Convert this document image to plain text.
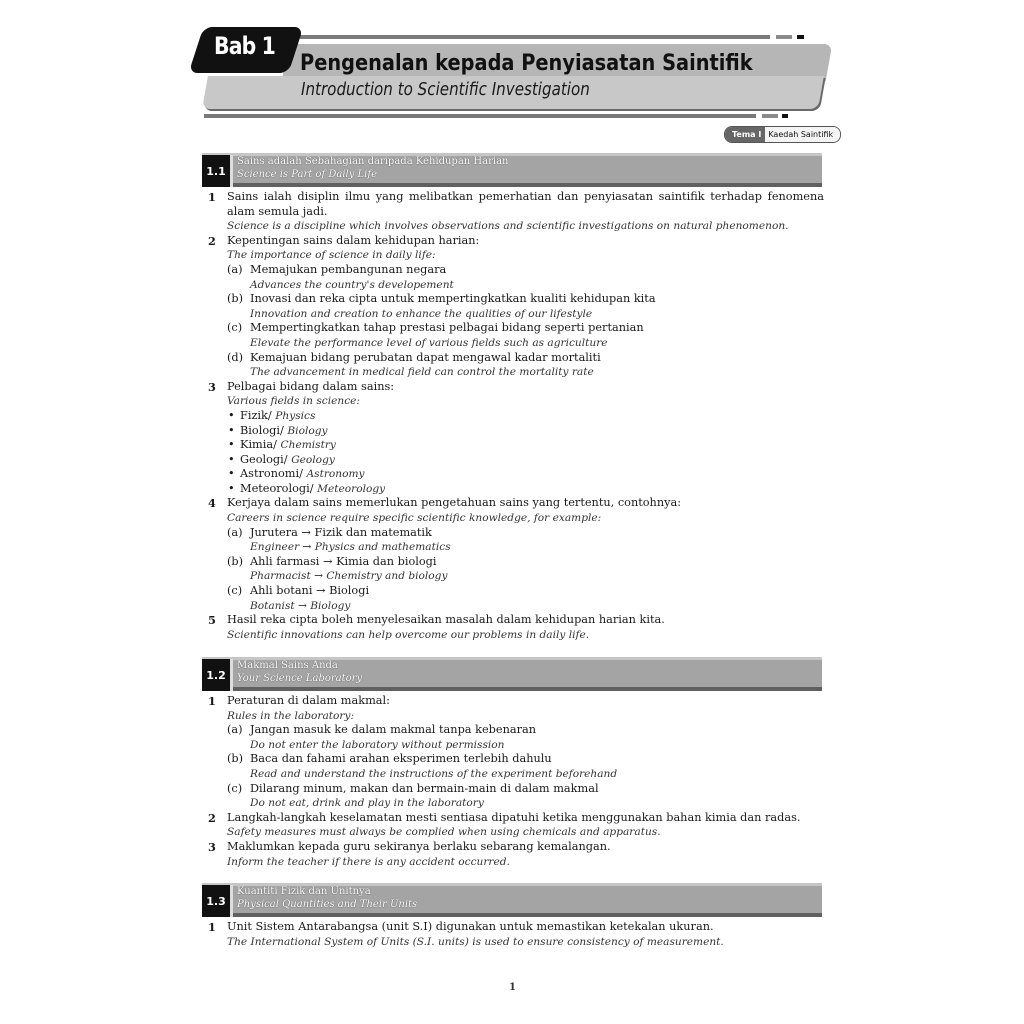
Bab 1
Pengenalan kepada Penyiasatan Saintifik
Introduction to Scientific Investigation
Tema I Kaedah Saintifik
1.1
Sains adalah Sebahagian daripada Kehidupan Harian
Science is Part of Daily Life
1 Sains ialah disiplin ilmu yang melibatkan pemerhatian dan penyiasatan saintifik terhadap fenomena alam semula jadi.
Science is a discipline which involves observations and scientific investigations on natural phenomenon.
2 Kepentingan sains dalam kehidupan harian:
The importance of science in daily life:
(a) Memajukan pembangunan negara
Advances the country's developement
(b) Inovasi dan reka cipta untuk mempertingkatkan kualiti kehidupan kita
Innovation and creation to enhance the qualities of our lifestyle
(c) Mempertingkatkan tahap prestasi pelbagai bidang seperti pertanian
Elevate the performance level of various fields such as agriculture
(d) Kemajuan bidang perubatan dapat mengawal kadar mortaliti
The advancement in medical field can control the mortality rate
3 Pelbagai bidang dalam sains:
Various fields in science:
• Fizik/ Physics
• Biologi/ Biology
• Kimia/ Chemistry
• Geologi/ Geology
• Astronomi/ Astronomy
• Meteorologi/ Meteorology
4 Kerjaya dalam sains memerlukan pengetahuan sains yang tertentu, contohnya:
Careers in science require specific scientific knowledge, for example:
(a) Jurutera → Fizik dan matematik
Engineer → Physics and mathematics
(b) Ahli farmasi → Kimia dan biologi
Pharmacist → Chemistry and biology
(c) Ahli botani → Biologi
Botanist → Biology
5 Hasil reka cipta boleh menyelesaikan masalah dalam kehidupan harian kita.
Scientific innovations can help overcome our problems in daily life.
1.2
Makmal Sains Anda
Your Science Laboratory
1 Peraturan di dalam makmal:
Rules in the laboratory:
(a) Jangan masuk ke dalam makmal tanpa kebenaran
Do not enter the laboratory without permission
(b) Baca dan fahami arahan eksperimen terlebih dahulu
Read and understand the instructions of the experiment beforehand
(c) Dilarang minum, makan dan bermain-main di dalam makmal
Do not eat, drink and play in the laboratory
2 Langkah-langkah keselamatan mesti sentiasa dipatuhi ketika menggunakan bahan kimia dan radas.
Safety measures must always be complied when using chemicals and apparatus.
3 Maklumkan kepada guru sekiranya berlaku sebarang kemalangan.
Inform the teacher if there is any accident occurred.
1.3
Kuantiti Fizik dan Unitnya
Physical Quantities and Their Units
1 Unit Sistem Antarabangsa (unit S.I) digunakan untuk memastikan ketekalan ukuran.
The International System of Units (S.I. units) is used to ensure consistency of measurement.
1
